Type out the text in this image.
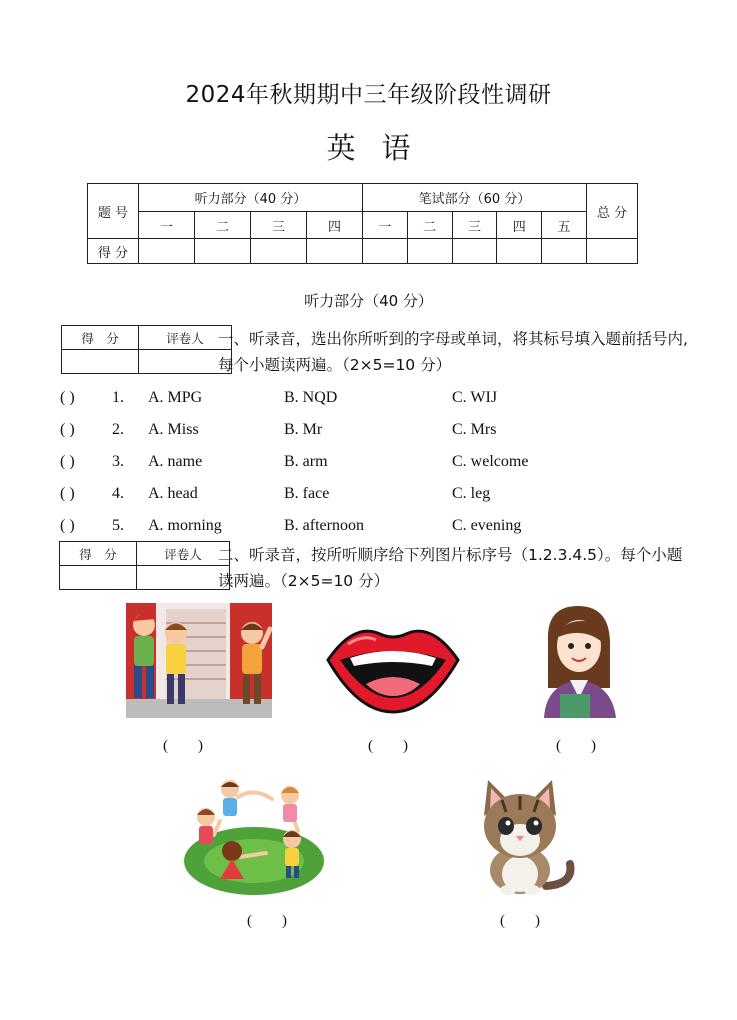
2024年秋期期中三年级阶段性调研
英语
题 号	听力部分（40 分）				笔试部分（60 分）					总 分
	一	二	三	四	一	二	三	四	五	
得 分										
听力部分（40 分）
得　分	评卷人
	一、听录音，选出你所听到的字母或单词，将其标号填入题前括号内,每个小题读两遍。（2×5=10 分）
( ) 1. A. MPG	B. NQD	C. WIJ
( ) 2. A. Miss	B. Mr	C. Mrs
( ) 3. A. name	B. arm	C. welcome
( ) 4. A. head	B. face	C. leg
( ) 5. A. morning	B. afternoon	C. evening
得　分	评卷人
	二、听录音，按所听顺序给下列图片标序号（1.2.3.4.5）。每个小题读两遍。（2×5=10 分）
(        )	(        )	(        )
(        )	(        )
